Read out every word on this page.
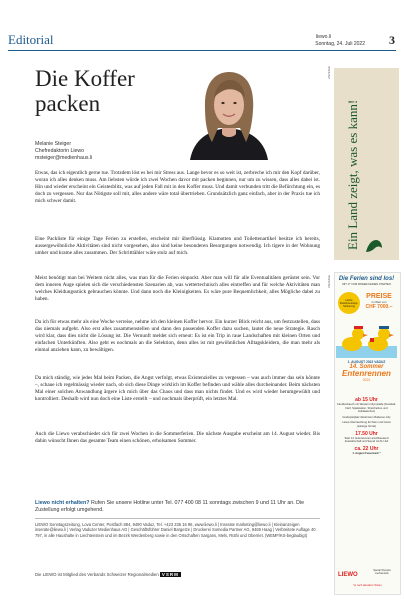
Editorial	liewo.li
Sonntag, 24. Juli 2022 3
Die Koffer
packen
Melanie Steiger
Chefredaktorin Liewo
msteiger@medienhaus.li
Etwas, das ich eigentlich gerne tue. Trotzdem löst es bei mir Stress aus. Lange bevor es so weit ist, zerbreche ich mir den Kopf darüber, woran ich alles denken muss. Am liebsten würde ich zwei Wochen davor mit packen beginnen, nur um zu wissen, dass alles dabei ist. Hin und wieder erscheint ein Geistesblitz, was auf jeden Fall mit in den Koffer muss. Und damit verbunden tritt die Befürchtung ein, es doch zu vergessen. Nur das Nötigste soll mit, alles andere wäre total übertrieben. Grundsätzlich ganz einfach, aber in der Praxis tue ich mich schwer damit.
Eine Packliste für einige Tage Ferien zu erstellen, erscheint mir überflüssig. Klamotten und Toilettenartikel besitze ich bereits, aussergewöhnliche Aktivitäten sind nicht vorgesehen, also sind keine besonderen Besorgungen notwendig. Ich tigere in der Wohnung umher und krame alles zusammen. Der Schritttähler wäre stolz auf mich.
Meist benötigt man bei Weitem nicht alles, was man für die Ferien einpackt. Aber man will für alle Eventualitäten gerüstet sein. Vor dem inneren Auge spielen sich die verschiedensten Szenarien ab, was wettertechnisch alles eintreffen und für welche Aktivitäten man welches Kleidungsstück gebrauchen könnte. Und dann noch die Kleinigkeiten. Es wäre pure Bequemlichkeit, alles Mögliche dabei zu haben.
Da ich für etwas mehr als eine Woche verreise, nehme ich den kleinen Koffer hervor. Ein kurzer Blick reicht aus, um festzustellen, dass das niemals aufgeht. Also erst alles zusammenstellen und dann den passenden Koffer dazu suchen, lautet die neue Strategie. Rasch wird klar, dass dies nicht die Lösung ist. Die Vernunft meldet sich erneut: Es ist ein Trip in raue Landschaften mit kleinen Orten und einfachen Unterkünften. Also geht es nochmals an die Selektion, denn alles ist mit gewöhnlichen Alltagskleidern, die man mehr als einmal anziehen kann, zu bewältigen.
Da mich ständig, wie jedes Mal beim Packen, die Angst verfolgt, etwas Existenzielles zu vergessen – was auch immer das sein könnte –, schaue ich regelmässig wieder nach, ob sich diese Dinge wirklich im Koffer befinden und wähle alles durcheinander. Beim nächsten Mal einer solchen Anwandlung ärgere ich mich über das Chaos und dass man nichts findet. Und es wird wieder herumgewühlt und kontrolliert. Deshalb wird nun doch eine Liste erstellt – und nochmals überprüft, ein letztes Mal.
Auch die Liewo verabschiedet sich für zwei Wochen in die Sommerferien. Die nächste Ausgabe erscheint am 14. August wieder. Bis dahin wünscht Ihnen das gesamte Team einen schönen, erholsamen Sommer.
Liewo nicht erhalten? Rufen Sie unsere Hotline unter Tel. 077 400 08 11 sonntags zwischen 9 und 11 Uhr an. Die Zustellung erfolgt umgehend.
LIEWO Sonntagszeitung, Lova Center, Postfach 884, 9490 Vaduz, Tel. +423 236 16 96, www.liewo.li | Inserate marketing@liewo.li | Kleinanzeigen inserate@liewo.li | Verlag Vaduzer Medienhaus AG | Geschäftsführer Daniel Bargetze | Druckerei Somedia Partner AG, 9469 Haag | Verbreitete Auflage 40 797, in alle Haushalte in Liechtenstein und im Bezirk Werdenberg sowie in den Ortschaften Sargans, Mels, Rüthi und Oberriet. (WEMF/KS-beglaubigt)
Die LIEWO ist Mitglied des Verbands Schweizer Regionalmedien VSRM
ANZEIGE
Ein Land zeigt, was es kann!
ANZEIGE	Die Ferien sind los!
MIT 17 VOM KINDER-KEINEN STARTEN
Letzte Zwischenstopp-Sicherung
PREISE
im Wert von
CHF 7000.–
1. AUGUST 2022 VADUZ
14. Sommer
Entenrennen
2022
ab 15 Uhr
Familienbauch mit Western-Olympiade (Fussball-Darf, Spielstation, Streichelzoo und Goldwaschen)
Grabspielplatz direkt beim Rüdenen-City
Liewo-Überraschung für Klein und Gross (solange Vorrat)
17.50 Uhr
Start 14. Entenrennen anschliessend Festwirtschaft und Sound mit DJ Juli
ca. 22 Uhr
1. August Feuerwerk *
LIEWO
Special Olympics Liechtenstein
*je nach aktuellem Wetter
